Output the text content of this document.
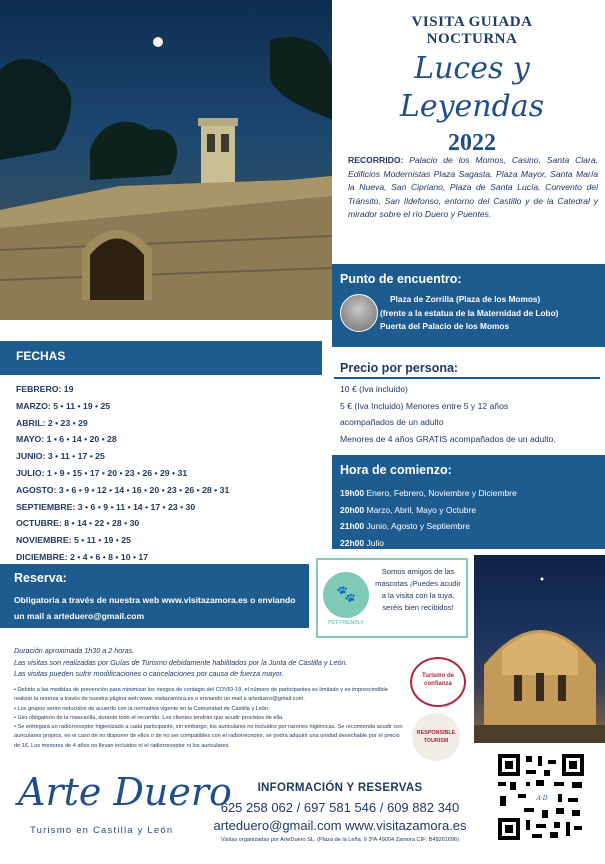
VISITA GUIADA
NOCTURNA
Luces y Leyendas
2022
RECORRIDO: Palacio de los Momos, Casino, Santa Clara, Edificios Modernistas Plaza Sagasta, Plaza Mayor, Santa María la Nueva, San Cipriano, Plaza de Santa Lucía, Convento del Tránsito, San Ildefonso, entorno del Castillo y de la Catedral y mirador sobre el río Duero y Puentes.
Punto de encuentro:
Plaza de Zorrilla (Plaza de los Momos)
(frente a la estatua de la Maternidad de Lobo)
Puerta del Palacio de los Momos
FECHAS
FEBRERO: 19
MARZO: 5 • 11 • 19 • 25
ABRIL: 2 • 23 • 29
MAYO: 1 • 6 • 14 • 20 • 28
JUNIO: 3 • 11 • 17 • 25
JULIO: 1 • 9 • 15 • 17 • 20 • 23 • 26 • 29 • 31
AGOSTO: 3 • 6 • 9 • 12 • 14 • 16 • 20 • 23 • 26 • 28 • 31
SEPTIEMBRE: 3 • 6 • 9 • 11 • 14 • 17 • 23 • 30
OCTUBRE: 8 • 14 • 22 • 28 • 30
NOVIEMBRE: 5 • 11 • 19 • 25
DICIEMBRE: 2 • 4 • 6 • 8 • 10 • 17
Precio por persona:
10 € (Iva incluido)
5 € (Iva Incluido) Menores entre 5 y 12 años
acompañados de un adulto
Menores de 4 años GRATIS acompañados de un adulto.
Hora de comienzo:
19h00 Enero, Febrero, Noviembre y Diciembre
20h00 Marzo, Abril, Mayo y Octubre
21h00 Junio, Agosto y Septiembre
22h00 Julio
Reserva:
Obligatoria a través de nuestra web www.visitazamora.es o enviando un mail a arteduero@gmail.com
🐾
PET FRIENDLY
Somos amigos de las mascotas ¡Puedes acudir a la visita con la tuya, seréis bien recibidos!
Duración aproximada 1h30 a 2 horas.
Las visitas son realizadas por Guías de Turismo debidamente habilitados por la Junta de Castilla y León.
Las visitas pueden sufrir modificaciones o cancelaciones por causa de fuerza mayor.
• Debido a las medidas de prevención para minimizar los riesgos de contagio del COVID-19, el número de participantes es limitado y es imprescindible realizar la reserva a través de nuestra página web www. visitazamora.es o enviando un mail a arteduero@gmail.com.
• Los grupos serán reducidos de acuerdo con la normativa vigente en la Comunidad de Castilla y León.
• Uso obligatorio de la mascarilla, durante todo el recorrido. Los clientes tendrán que acudir provistos de ella.
• Se entregará un radiorreceptor higienizado a cada participante, sin embargo, los auriculares no incluidos por razones higiénicas. Se recomienda acudir con auriculares propios, en el caso de no disponer de ellos o de no ser compatibles con el radiorreceptor, se podrá adquirir una unidad desechable por el precio de 1€. Los menores de 4 años no llevan incluidos ni el radiorreceptor ni los auriculares.
Turismo de confianza
RESPONSIBLE TOURISM
Arte Duero
Turismo en Castilla y León
INFORMACIÓN Y RESERVAS
625 258 062 / 697 581 546 / 609 882 340
arteduero@gmail.com www.visitazamora.es
Visitas organizadas por ArteDuero SL. (Plaza de la Leña, 9 3ºA 49004 Zamora CIF: B49261696)
A·D
